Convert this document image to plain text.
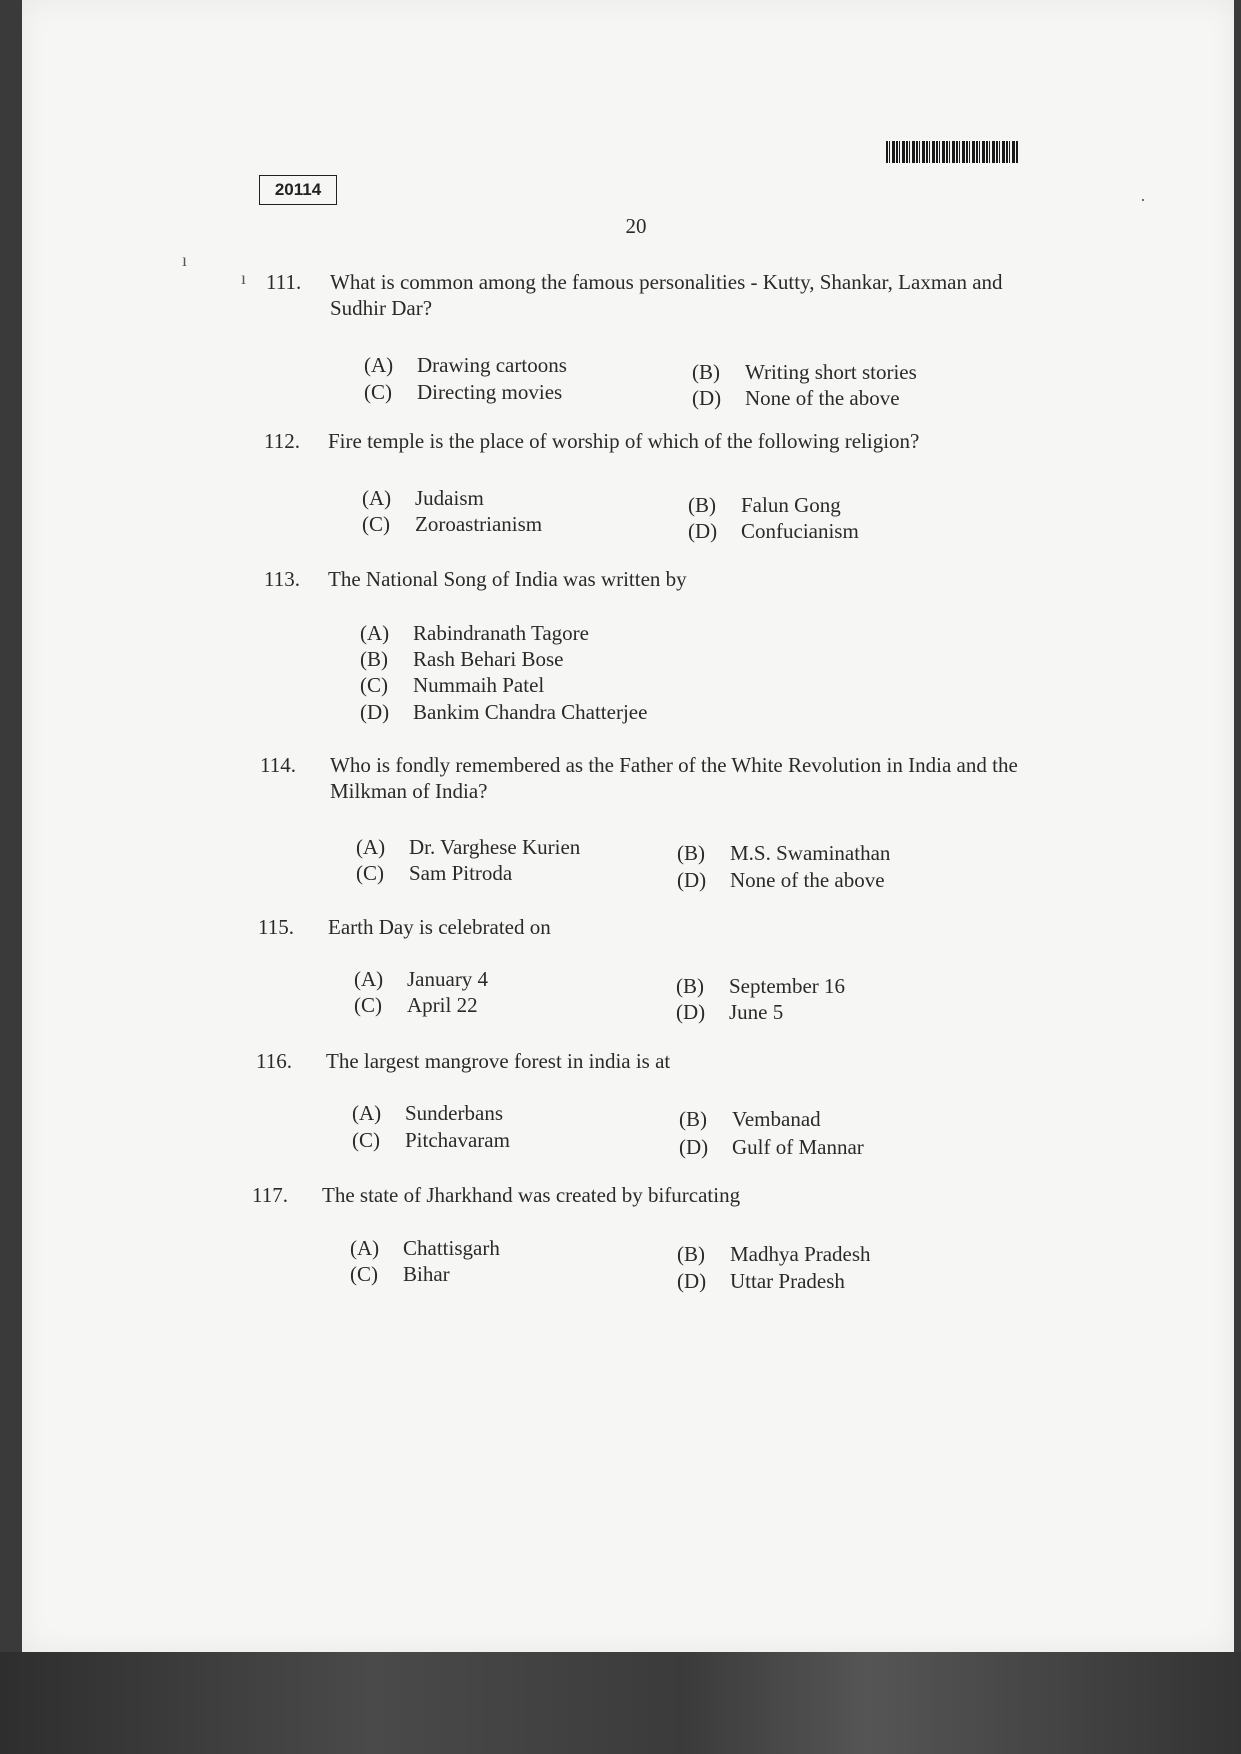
20114
20
111.	What is common among the famous personalities - Kutty, Shankar, Laxman and Sudhir Dar?
(A) Drawing cartoons	(B) Writing short stories
(C) Directing movies	(D) None of the above
112.	Fire temple is the place of worship of which of the following religion?
(A) Judaism	(B) Falun Gong
(C) Zoroastrianism	(D) Confucianism
113.	The National Song of India was written by
(A) Rabindranath Tagore
(B) Rash Behari Bose
(C) Nummaih Patel
(D) Bankim Chandra Chatterjee
114.	Who is fondly remembered as the Father of the White Revolution in India and the Milkman of India?
(A) Dr. Varghese Kurien	(B) M.S. Swaminathan
(C) Sam Pitroda	(D) None of the above
115.	Earth Day is celebrated on
(A) January 4	(B) September 16
(C) April 22	(D) June 5
116.	The largest mangrove forest in india is at
(A) Sunderbans	(B) Vembanad
(C) Pitchavaram	(D) Gulf of Mannar
117.	The state of Jharkhand was created by bifurcating
(A) Chattisgarh	(B) Madhya Pradesh
(C) Bihar	(D) Uttar Pradesh
ı
ı
·
